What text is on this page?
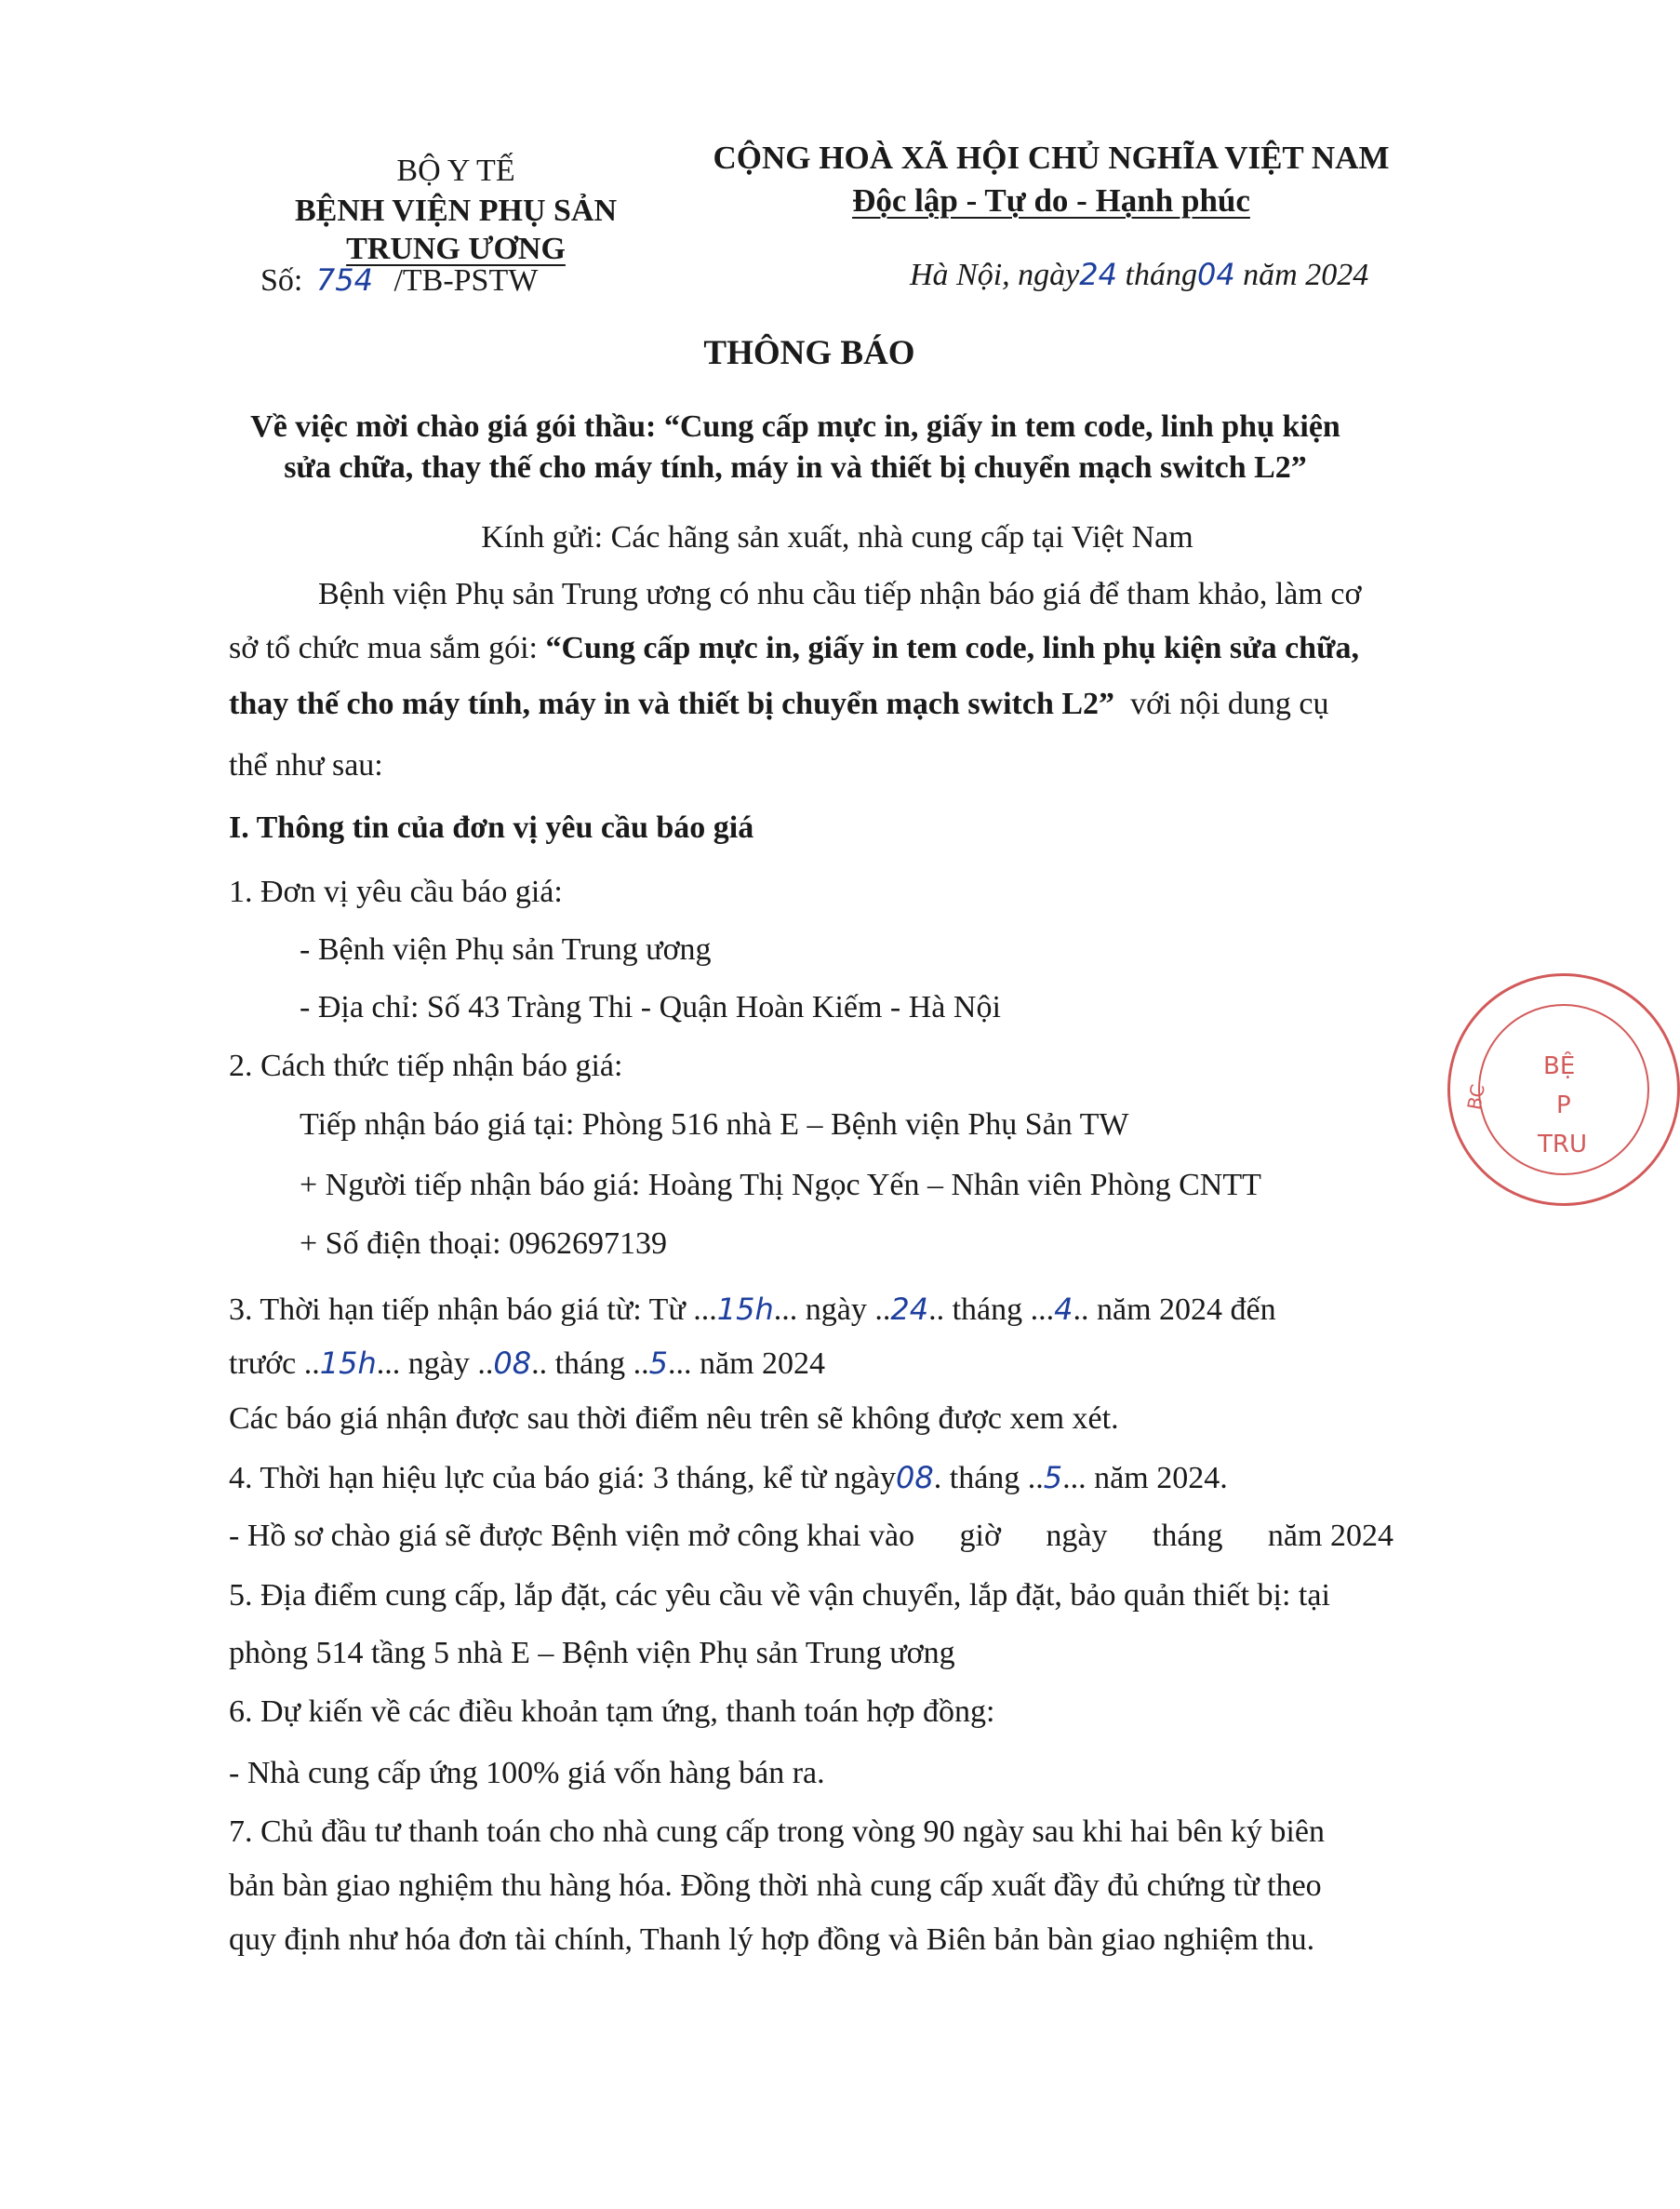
BỘ Y TẾ
BỆNH VIỆN PHỤ SẢN
TRUNG ƯƠNG
Số: 754 /TB-PSTW
CỘNG HOÀ XÃ HỘI CHỦ NGHĨA VIỆT NAM
Độc lập - Tự do - Hạnh phúc
Hà Nội, ngày24 tháng04 năm 2024
THÔNG BÁO
Về việc mời chào giá gói thầu: “Cung cấp mực in, giấy in tem code, linh phụ kiện
sửa chữa, thay thế cho máy tính, máy in và thiết bị chuyển mạch switch L2”
Kính gửi: Các hãng sản xuất, nhà cung cấp tại Việt Nam
Bệnh viện Phụ sản Trung ương có nhu cầu tiếp nhận báo giá để tham khảo, làm cơ
sở tổ chức mua sắm gói: “Cung cấp mực in, giấy in tem code, linh phụ kiện sửa chữa,
thay thế cho máy tính, máy in và thiết bị chuyển mạch switch L2” với nội dung cụ
thể như sau:
I. Thông tin của đơn vị yêu cầu báo giá
1. Đơn vị yêu cầu báo giá:
- Bệnh viện Phụ sản Trung ương
- Địa chỉ: Số 43 Tràng Thi - Quận Hoàn Kiếm - Hà Nội
2. Cách thức tiếp nhận báo giá:
Tiếp nhận báo giá tại: Phòng 516 nhà E – Bệnh viện Phụ Sản TW
+ Người tiếp nhận báo giá: Hoàng Thị Ngọc Yến – Nhân viên Phòng CNTT
+ Số điện thoại: 0962697139
3. Thời hạn tiếp nhận báo giá từ: Từ ...15h... ngày ..24.. tháng ...4.. năm 2024 đến
trước ..15h... ngày ..08.. tháng ..5... năm 2024
Các báo giá nhận được sau thời điểm nêu trên sẽ không được xem xét.
4. Thời hạn hiệu lực của báo giá: 3 tháng, kể từ ngày08. tháng ..5... năm 2024.
- Hồ sơ chào giá sẽ được Bệnh viện mở công khai vào giờ ngày tháng năm 2024
5. Địa điểm cung cấp, lắp đặt, các yêu cầu về vận chuyển, lắp đặt, bảo quản thiết bị: tại
phòng 514 tầng 5 nhà E – Bệnh viện Phụ sản Trung ương
6. Dự kiến về các điều khoản tạm ứng, thanh toán hợp đồng:
- Nhà cung cấp ứng 100% giá vốn hàng bán ra.
7. Chủ đầu tư thanh toán cho nhà cung cấp trong vòng 90 ngày sau khi hai bên ký biên
bản bàn giao nghiệm thu hàng hóa. Đồng thời nhà cung cấp xuất đầy đủ chứng từ theo
quy định như hóa đơn tài chính, Thanh lý hợp đồng và Biên bản bàn giao nghiệm thu.
BỆ
P
TRU
BC
